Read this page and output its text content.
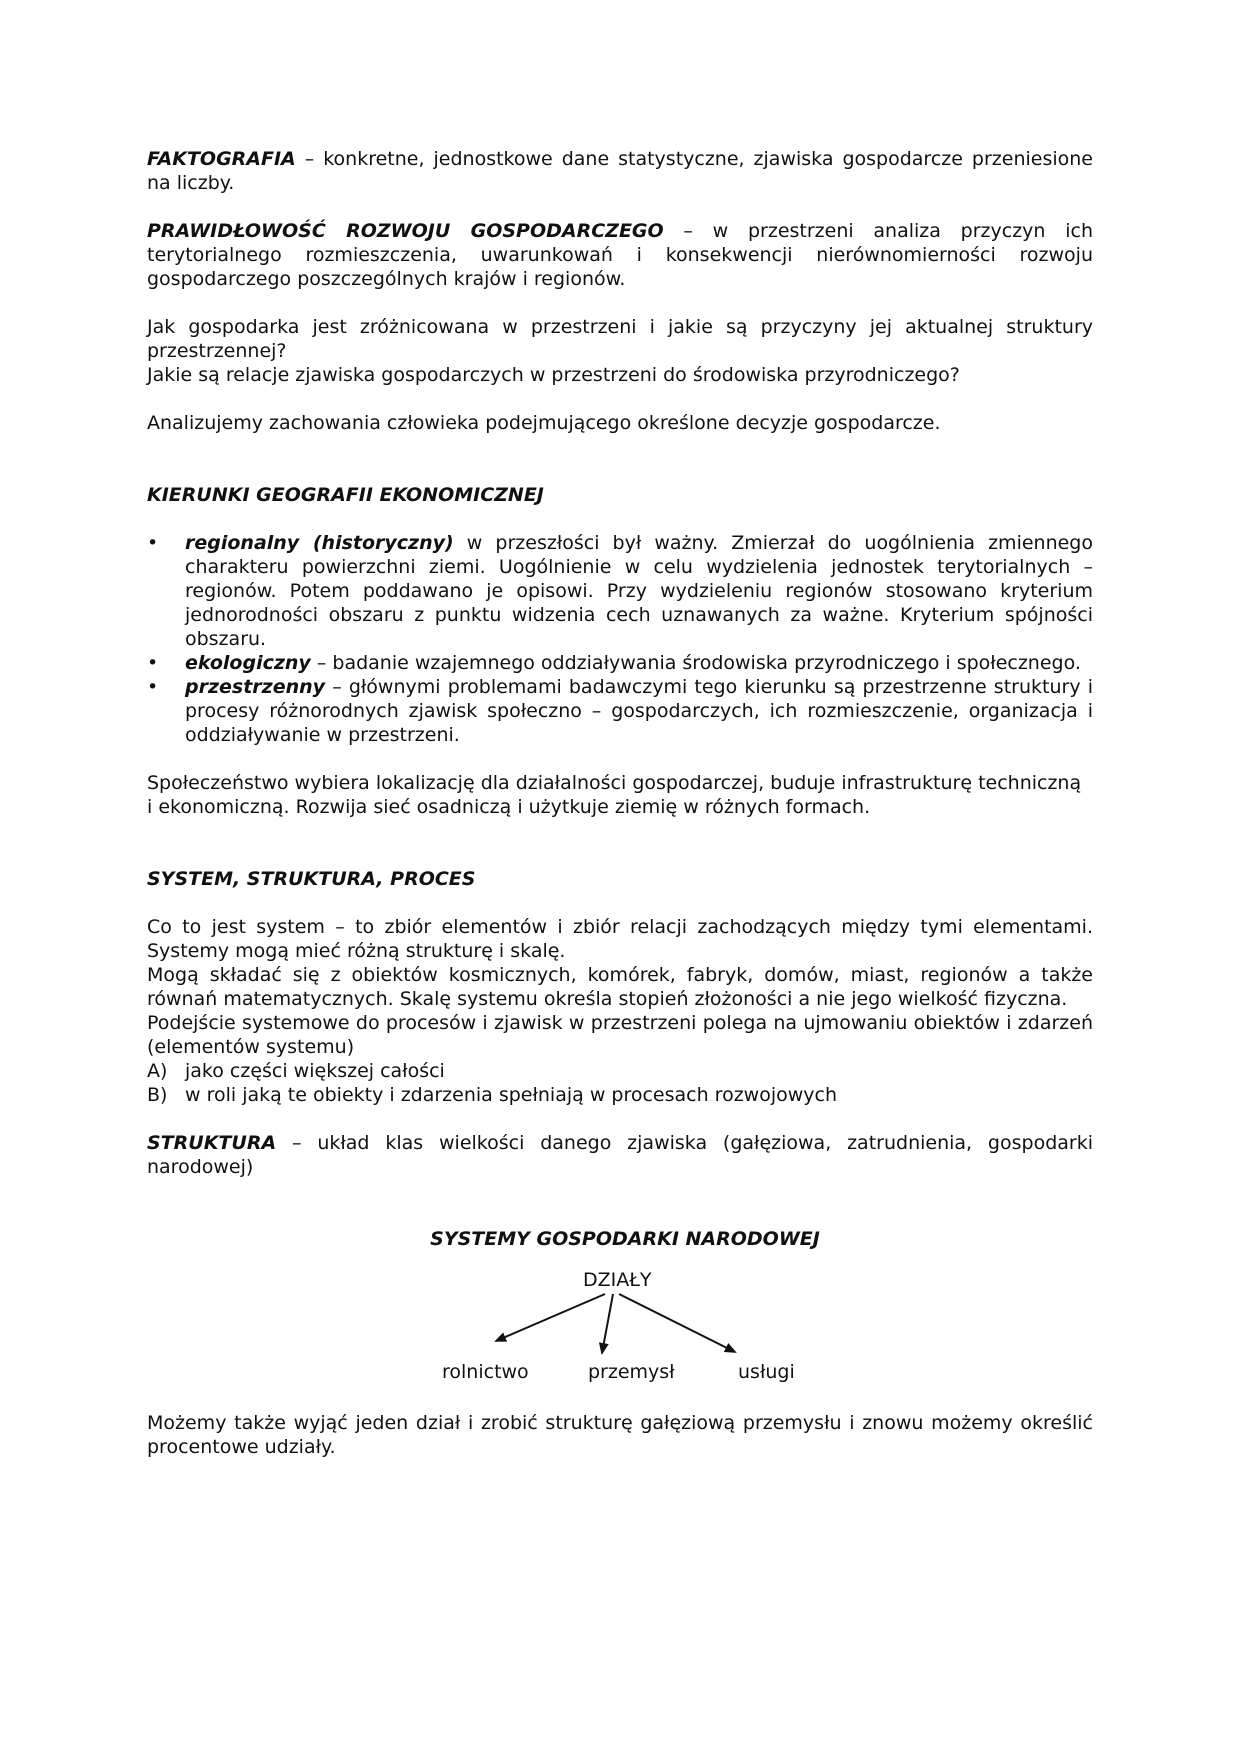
FAKTOGRAFIA – konkretne, jednostkowe dane statystyczne, zjawiska gospodarcze przeniesione na liczby.

PRAWIDŁOWOŚĆ ROZWOJU GOSPODARCZEGO – w przestrzeni analiza przyczyn ich terytorialnego rozmieszczenia, uwarunkowań i konsekwencji nierównomierności rozwoju gospodarczego poszczególnych krajów i regionów.

Jak gospodarka jest zróżnicowana w przestrzeni i jakie są przyczyny jej aktualnej struktury przestrzennej?

Jakie są relacje zjawiska gospodarczych w przestrzeni do środowiska przyrodniczego?

Analizujemy zachowania człowieka podejmującego określone decyzje gospodarcze.

KIERUNKI GEOGRAFII EKONOMICZNEJ

•	regionalny (historyczny) w przeszłości był ważny. Zmierzał do uogólnienia zmiennego charakteru powierzchni ziemi. Uogólnienie w celu wydzielenia jednostek terytorialnych – regionów. Potem poddawano je opisowi. Przy wydzieleniu regionów stosowano kryterium jednorodności obszaru z punktu widzenia cech uznawanych za ważne. Kryterium spójności obszaru.
•	ekologiczny – badanie wzajemnego oddziaływania środowiska przyrodniczego i społecznego.
•	przestrzenny – głównymi problemami badawczymi tego kierunku są przestrzenne struktury i procesy różnorodnych zjawisk społeczno – gospodarczych, ich rozmieszczenie, organizacja i oddziaływanie w przestrzeni.

Społeczeństwo wybiera lokalizację dla działalności gospodarczej, buduje infrastrukturę techniczną

i ekonomiczną. Rozwija sieć osadniczą i użytkuje ziemię w różnych formach.

SYSTEM, STRUKTURA, PROCES

Co to jest system – to zbiór elementów i zbiór relacji zachodzących między tymi elementami. Systemy mogą mieć różną strukturę i skalę.

Mogą składać się z obiektów kosmicznych, komórek, fabryk, domów, miast, regionów a także równań matematycznych. Skalę systemu określa stopień złożoności a nie jego wielkość fizyczna.

Podejście systemowe do procesów i zjawisk w przestrzeni polega na ujmowaniu obiektów i zdarzeń (elementów systemu)

A) jako części większej całości

B) w roli jaką te obiekty i zdarzenia spełniają w procesach rozwojowych

STRUKTURA – układ klas wielkości danego zjawiska (gałęziowa, zatrudnienia, gospodarki narodowej)

SYSTEMY GOSPODARKI NARODOWEJ

DZIAŁY
rolnictwo	przemysł	usługi

Możemy także wyjąć jeden dział i zrobić strukturę gałęziową przemysłu i znowu możemy określić procentowe udziały.
